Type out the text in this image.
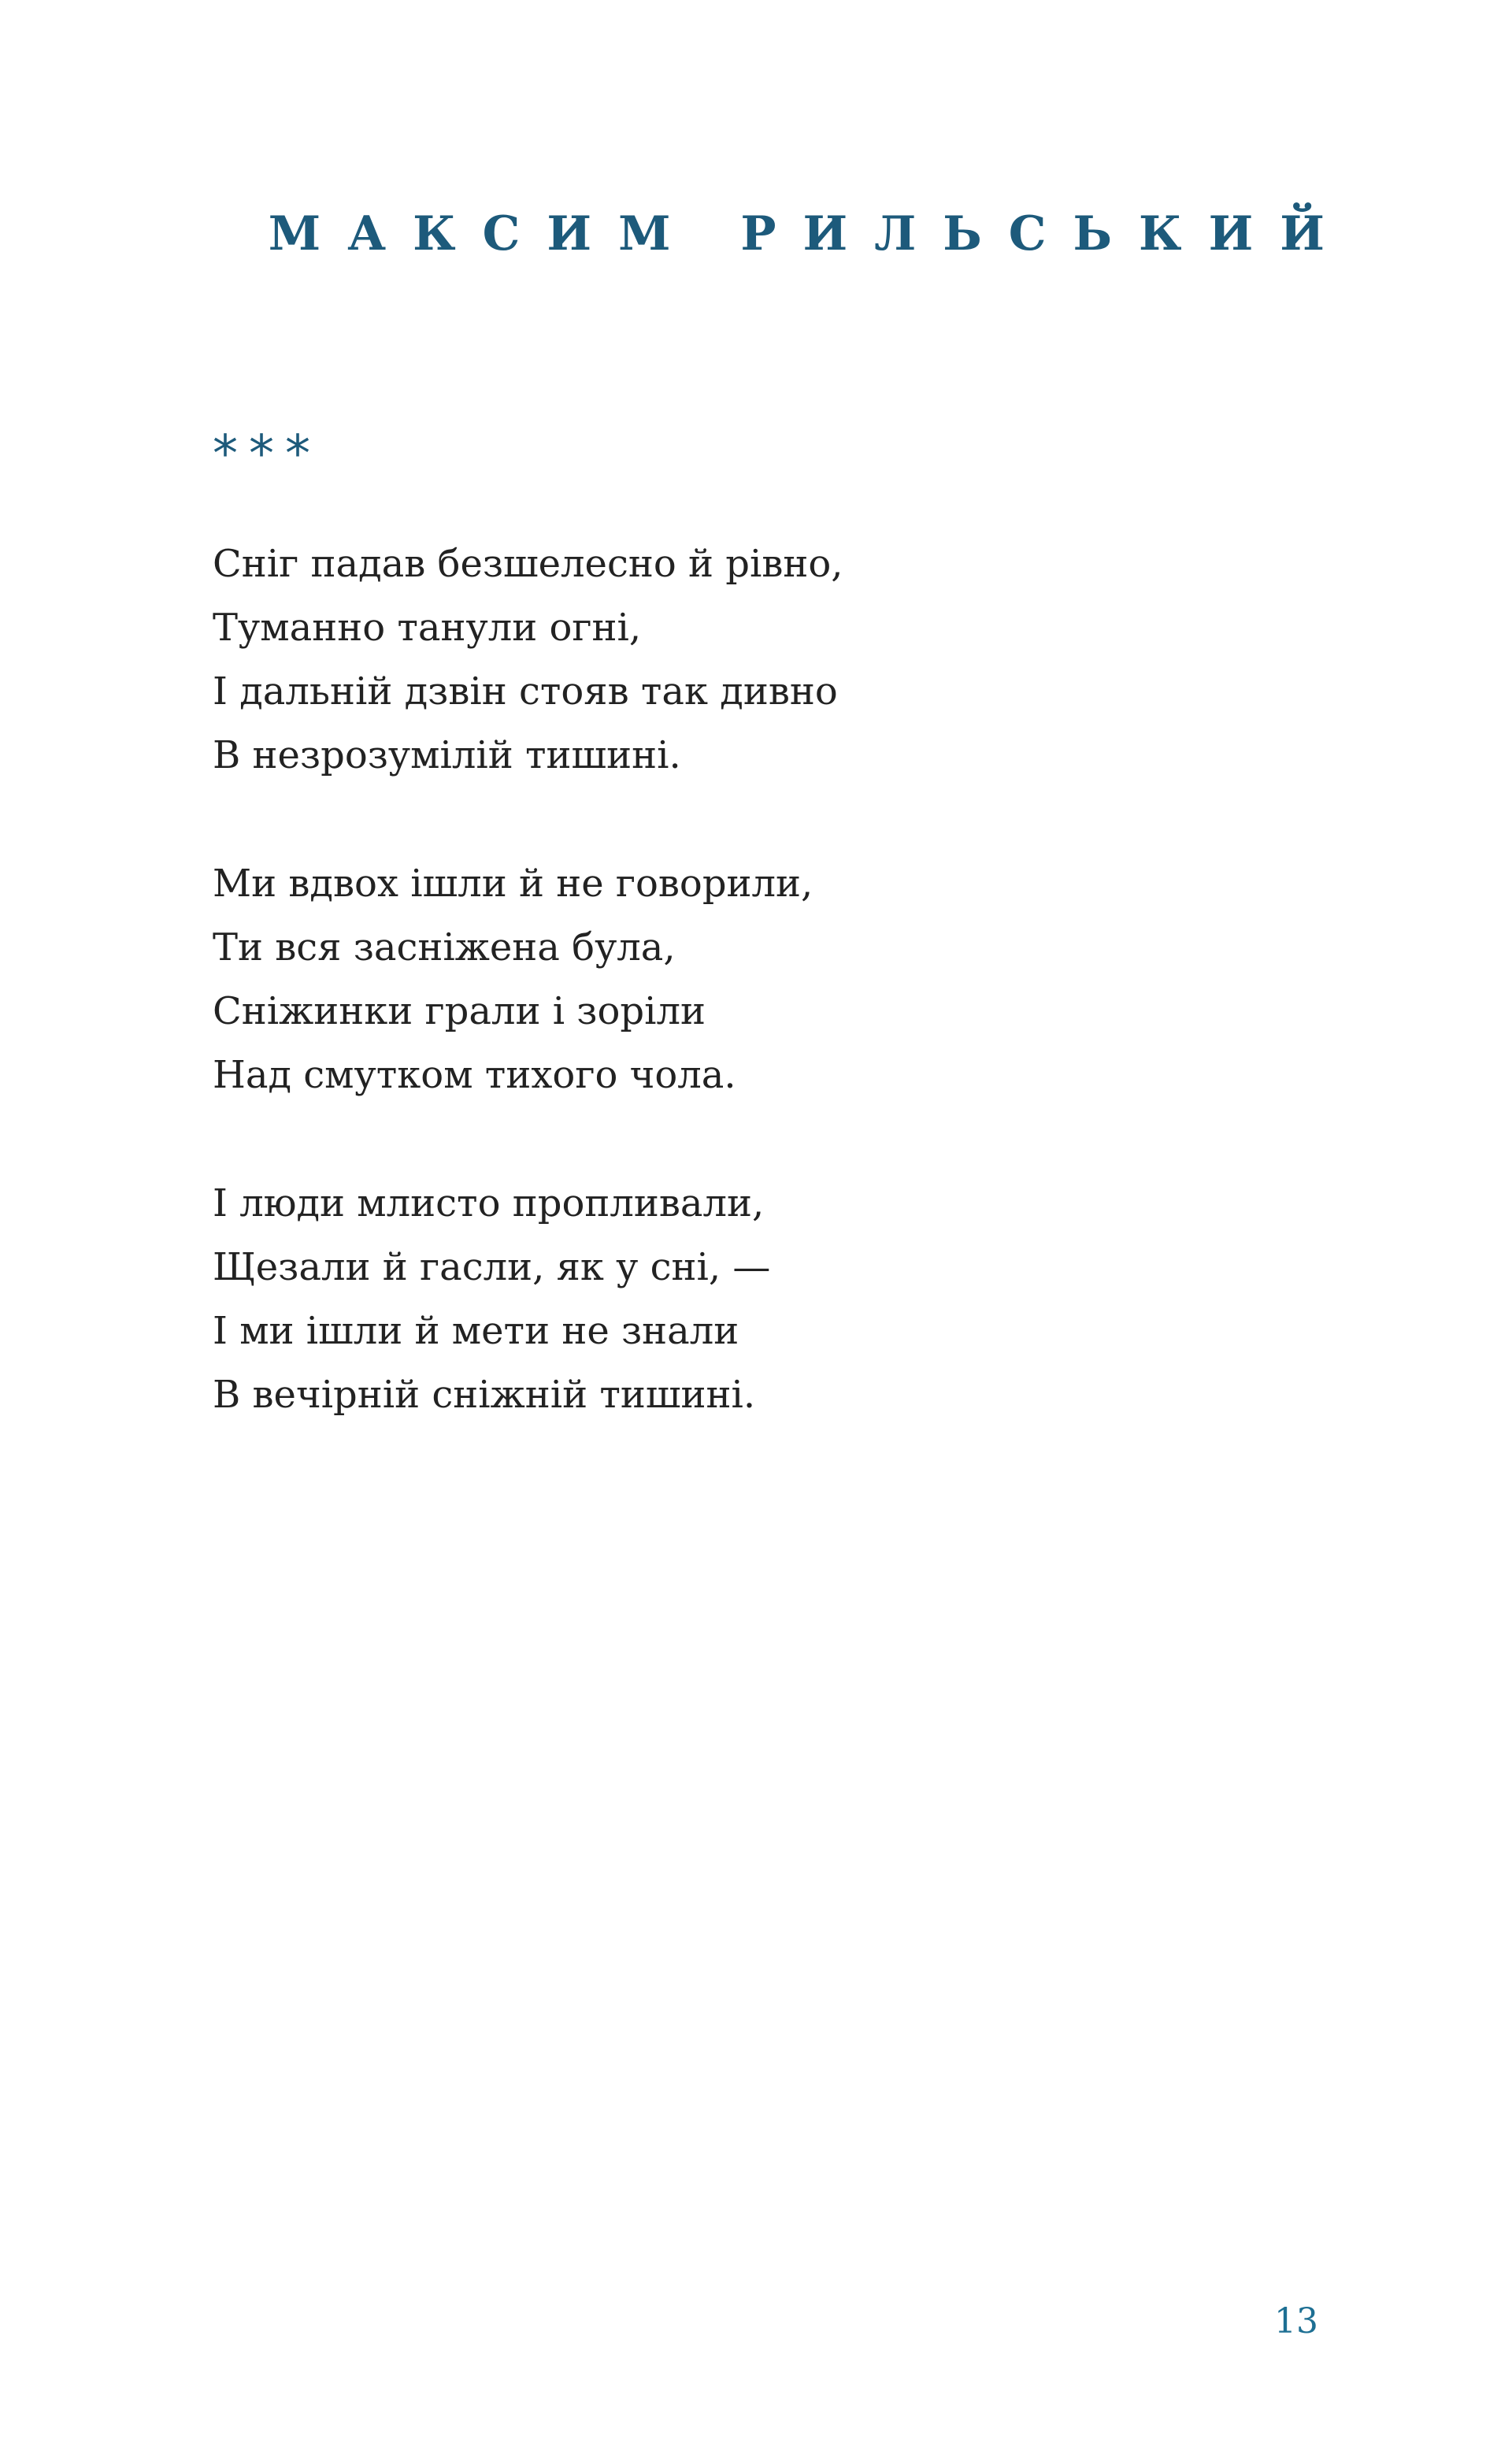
МАКСИМ РИЛЬСЬКИЙ
***
Сніг падав безшелесно й рівно,
Туманно танули огні,
І дальній дзвін стояв так дивно
В незрозумілій тишині.
Ми вдвох ішли й не говорили,
Ти вся засніжена була,
Сніжинки грали і зоріли
Над смутком тихого чола.
І люди млисто пропливали,
Щезали й гасли, як у сні, —
І ми ішли й мети не знали
В вечірній сніжній тишині.
13
